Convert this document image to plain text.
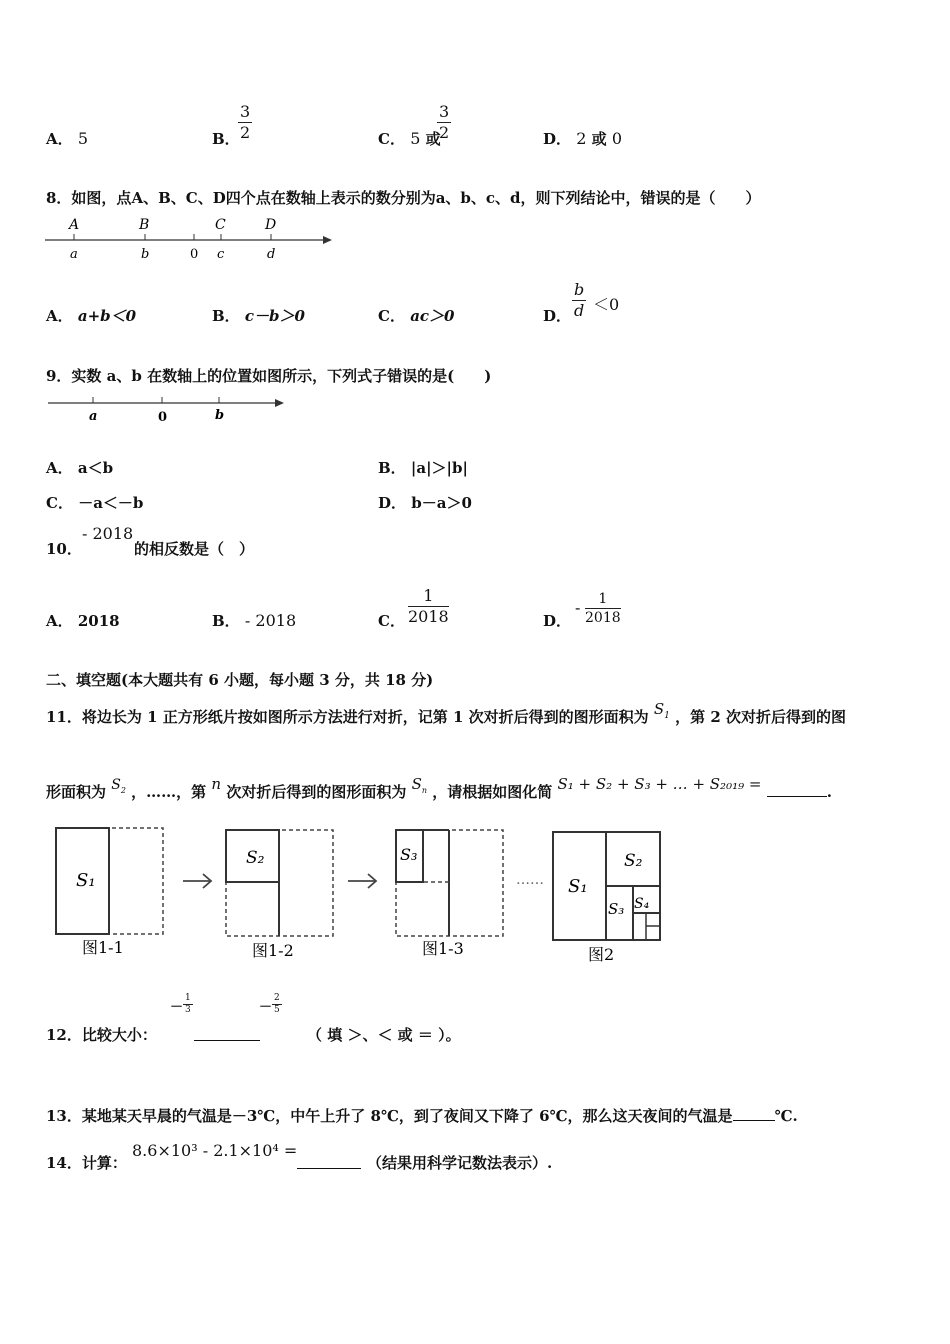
A． 5	B．
$\frac{3}{2}$	C． 5 或
$\frac{3}{2}$	D． 2 或 0
8．如图，点A、B、C、D四个点在数轴上表示的数分别为a、b、c、d，则下列结论中，错误的是（　　）
A	B	C	D
a	b	0 c	d
A． a+b＜0	B． c－b＞0	C． ac＞0	D． $\frac{b}{d} <0$
9．实数 a、b 在数轴上的位置如图所示，下列式子错误的是(　　)
a	0	b
A． a＜b	B． |a|＞|b|
C． －a＜－b	D． b－a＞0
10．
- 2018
的相反数是（　）
A． 2018	B． - 2018	C． $\frac{1}{2018}$	D．
- $\frac{1}{2018}$
二、填空题(本大题共有 6 小题，每小题 3 分，共 18 分)
11．将边长为 1 正方形纸片按如图所示方法进行对折，记第 1 次对折后得到的图形面积为 $S_1$ ，第 2 次对折后得到的图
形面积为 $S_2$ ，……，第 n 次对折后得到的图形面积为 $S_n$ ，请根据如图化简 S₁ + S₂ + S₃ + … + S₂₀₁₉ =	.
S₁
图1-1
S₂
图1-2
S₃
图1-3
…… S₁
S₂
S₃ S₄
图2
－ $\frac{1}{3}$	－ $\frac{2}{5}$
12．比较大小：	（ 填 ＞、＜ 或 ＝ ）。
13．某地某天早晨的气温是－3℃，中午上升了 8℃，到了夜间又下降了 6℃，那么这天夜间的气温是	℃.
14．计算：
8.6×10³ - 2.1×10⁴ =
（结果用科学记数法表示）.
